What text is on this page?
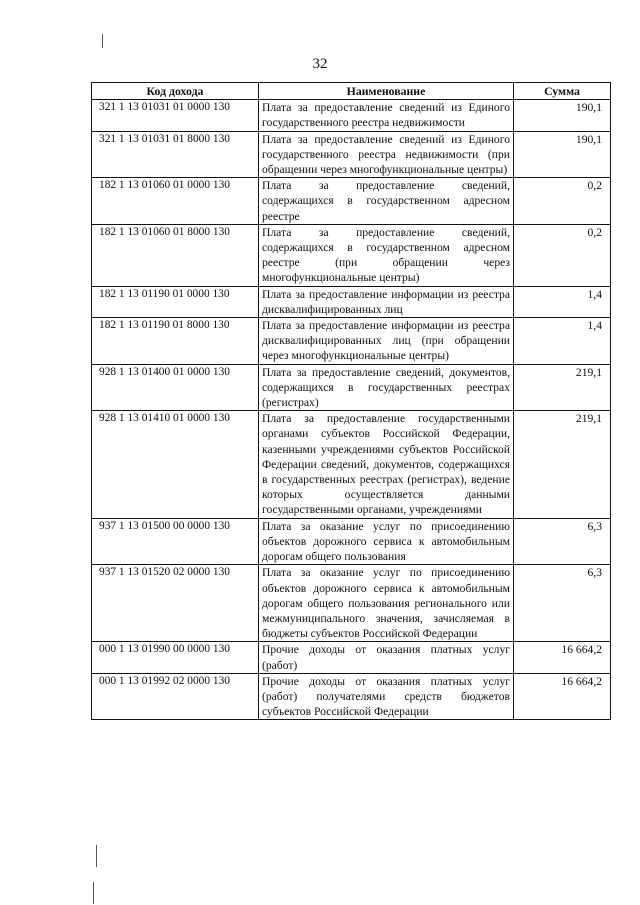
32
Код дохода	Наименование	Сумма
321 1 13 01031 01 0000 130	Плата за предоставление сведений из Единого государственного реестра недвижимости	190,1
321 1 13 01031 01 8000 130	Плата за предоставление сведений из Единого государственного реестра недвижимости (при обращении через многофункциональные центры)	190,1
182 1 13 01060 01 0000 130	Плата за предоставление сведений, содержащихся в государственном адресном реестре	0,2
182 1 13 01060 01 8000 130	Плата за предоставление сведений, содержащихся в государственном адресном реестре (при обращении через многофункциональные центры)	0,2
182 1 13 01190 01 0000 130	Плата за предоставление информации из реестра дисквалифицированных лиц	1,4
182 1 13 01190 01 8000 130	Плата за предоставление информации из реестра дисквалифицированных лиц (при обращении через многофункциональные центры)	1,4
928 1 13 01400 01 0000 130	Плата за предоставление сведений, документов, содержащихся в государственных реестрах (регистрах)	219,1
928 1 13 01410 01 0000 130	Плата за предоставление государственными органами субъектов Российской Федерации, казенными учреждениями субъектов Российской Федерации сведений, документов, содержащихся в государственных реестрах (регистрах), ведение которых осуществляется данными государственными органами, учреждениями	219,1
937 1 13 01500 00 0000 130	Плата за оказание услуг по присоединению объектов дорожного сервиса к автомобильным дорогам общего пользования	6,3
937 1 13 01520 02 0000 130	Плата за оказание услуг по присоединению объектов дорожного сервиса к автомобильным дорогам общего пользования регионального или межмуниципального значения, зачисляемая в бюджеты субъектов Российской Федерации	6,3
000 1 13 01990 00 0000 130	Прочие доходы от оказания платных услуг (работ)	16 664,2
000 1 13 01992 02 0000 130	Прочие доходы от оказания платных услуг (работ) получателями средств бюджетов субъектов Российской Федерации	16 664,2
